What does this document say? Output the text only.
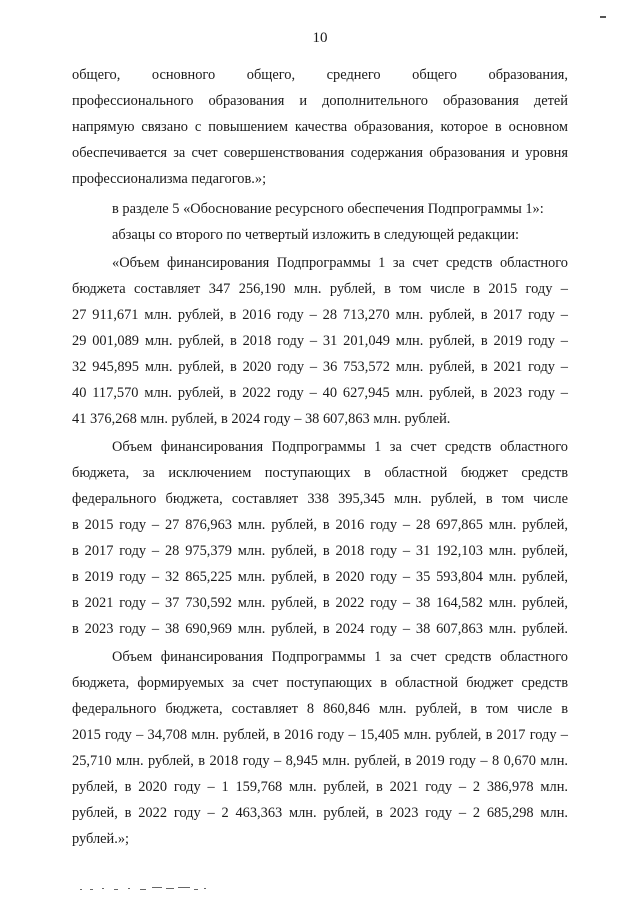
10
общего, основного общего, среднего общего образования,
профессионального образования и дополнительного образования детей
напрямую связано с повышением качества образования, которое в основном
обеспечивается за счет совершенствования содержания образования и уровня
профессионализма педагогов.»;
в разделе 5 «Обоснование ресурсного обеспечения Подпрограммы 1»:
абзацы со второго по четвертый изложить в следующей редакции:
«Объем финансирования Подпрограммы 1 за счет средств областного
бюджета составляет 347 256,190 млн. рублей, в том числе в 2015 году –
27 911,671 млн. рублей, в 2016 году – 28 713,270 млн. рублей, в 2017 году –
29 001,089 млн. рублей, в 2018 году – 31 201,049 млн. рублей, в 2019 году –
32 945,895 млн. рублей, в 2020 году – 36 753,572 млн. рублей, в 2021 году –
40 117,570 млн. рублей, в 2022 году – 40 627,945 млн. рублей, в 2023 году –
41 376,268 млн. рублей, в 2024 году – 38 607,863 млн. рублей.
Объем финансирования Подпрограммы 1 за счет средств областного
бюджета, за исключением поступающих в областной бюджет средств
федерального бюджета, составляет 338 395,345 млн. рублей, в том числе
в 2015 году – 27 876,963 млн. рублей, в 2016 году – 28 697,865 млн. рублей,
в 2017 году – 28 975,379 млн. рублей, в 2018 году – 31 192,103 млн. рублей,
в 2019 году – 32 865,225 млн. рублей, в 2020 году – 35 593,804 млн. рублей,
в 2021 году – 37 730,592 млн. рублей, в 2022 году – 38 164,582 млн. рублей,
в 2023 году – 38 690,969 млн. рублей, в 2024 году – 38 607,863 млн. рублей.
Объем финансирования Подпрограммы 1 за счет средств областного
бюджета, формируемых за счет поступающих в областной бюджет средств
федерального бюджета, составляет 8 860,846 млн. рублей, в том числе в
2015 году – 34,708 млн. рублей, в 2016 году – 15,405 млн. рублей, в 2017 году –
25,710 млн. рублей, в 2018 году – 8,945 млн. рублей, в 2019 году – 8 0,670 млн.
рублей, в 2020 году – 1 159,768 млн. рублей, в 2021 году – 2 386,978 млн.
рублей, в 2022 году – 2 463,363 млн. рублей, в 2023 году – 2 685,298 млн.
рублей.»;
